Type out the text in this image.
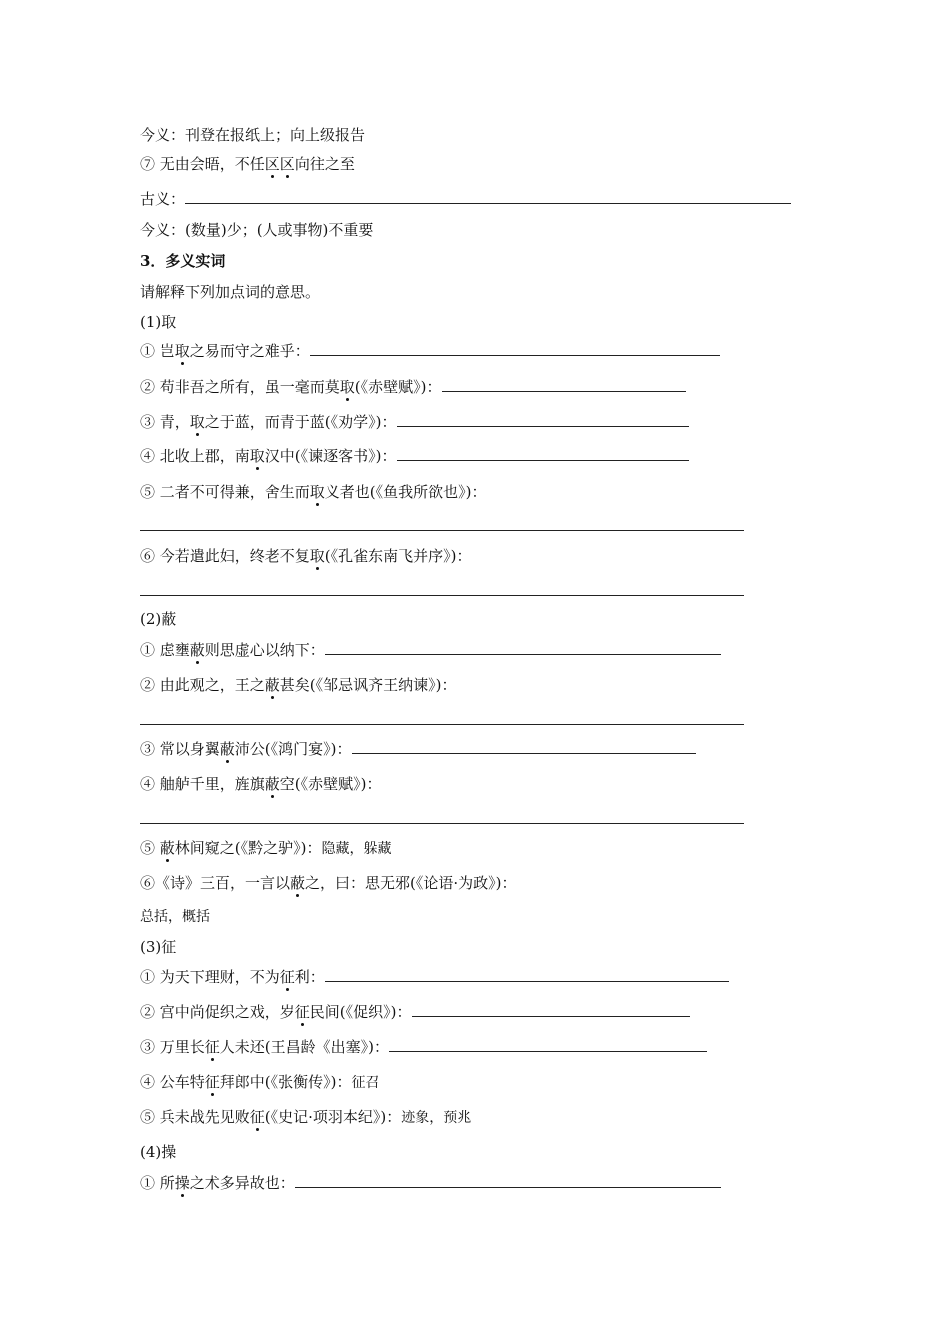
今义：刊登在报纸上；向上级报告
⑦ 无由会晤，不任区区向往之至
古义：
今义：(数量)少；(人或事物)不重要
3．多义实词
请解释下列加点词的意思。
(1)取
① 岂取之易而守之难乎：
② 苟非吾之所有，虽一毫而莫取(《赤壁赋》)：
③ 青，取之于蓝，而青于蓝(《劝学》)：
④ 北收上郡，南取汉中(《谏逐客书》)：
⑤ 二者不可得兼，舍生而取义者也(《鱼我所欲也》)：
⑥ 今若遣此妇，终老不复取(《孔雀东南飞并序》)：
(2)蔽
① 虑壅蔽则思虚心以纳下：
② 由此观之，王之蔽甚矣(《邹忌讽齐王纳谏》)：
③ 常以身翼蔽沛公(《鸿门宴》)：
④ 舳舻千里，旌旗蔽空(《赤壁赋》)：
⑤ 蔽林间窥之(《黔之驴》)：隐藏，躲藏
⑥《诗》三百，一言以蔽之，曰：思无邪(《论语·为政》)：
总括，概括
(3)征
① 为天下理财，不为征利：
② 宫中尚促织之戏，岁征民间(《促织》)：
③ 万里长征人未还(王昌龄《出塞》)：
④ 公车特征拜郎中(《张衡传》)：征召
⑤ 兵未战先见败征(《史记·项羽本纪》)：迹象，预兆
(4)操
① 所操之术多异故也：
